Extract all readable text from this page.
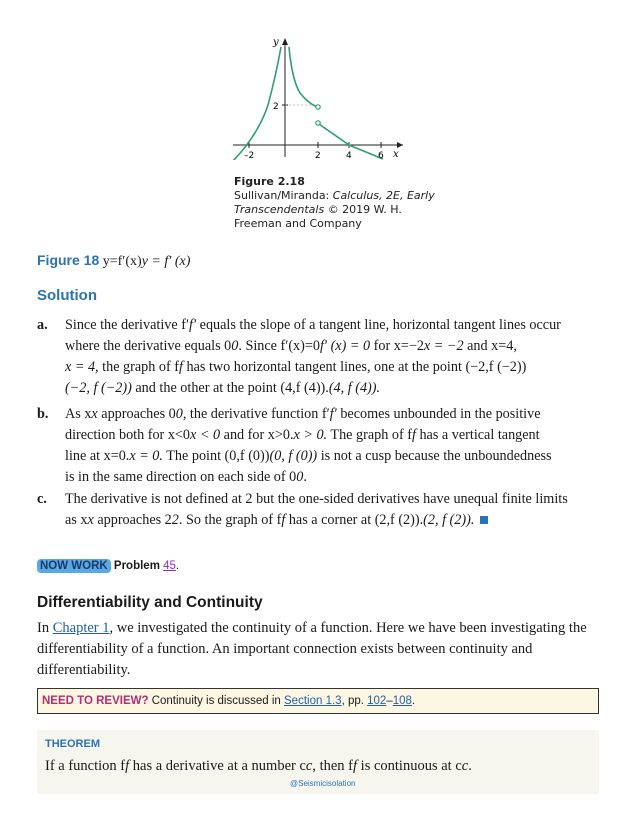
y
x
–2	2	4	6
2
Figure 2.18
Sullivan/Miranda: Calculus, 2E, Early
Transcendentals © 2019 W. H.
Freeman and Company
Figure 18 y=f′(x)y = f′ (x)
Solution
a. Since the derivative f′f′ equals the slope of a tangent line, horizontal tangent lines occur
where the derivative equals 00. Since f′(x)=0f′ (x) = 0 for x=−2x = −2 and x=4,
x = 4, the graph of ff has two horizontal tangent lines, one at the point (−2,f (−2))
(−2, f (−2)) and the other at the point (4,f (4)).(4, f (4)).
b. As xx approaches 00, the derivative function f′f′ becomes unbounded in the positive
direction both for x<0x < 0 and for x>0.x > 0. The graph of ff has a vertical tangent
line at x=0.x = 0. The point (0,f (0))(0, f (0)) is not a cusp because the unboundedness
is in the same direction on each side of 00.
c. The derivative is not defined at 2 but the one-sided derivatives have unequal finite limits
as xx approaches 22. So the graph of ff has a corner at (2,f (2)).(2, f (2)).
NOW WORK Problem 45.
Differentiability and Continuity
In Chapter 1, we investigated the continuity of a function. Here we have been investigating the differentiability of a function. An important connection exists between continuity and differentiability.
NEED TO REVIEW? Continuity is discussed in Section 1.3, pp. 102–108.
THEOREM
If a function ff has a derivative at a number cc, then ff is continuous at cc.
@Seismicisolation
